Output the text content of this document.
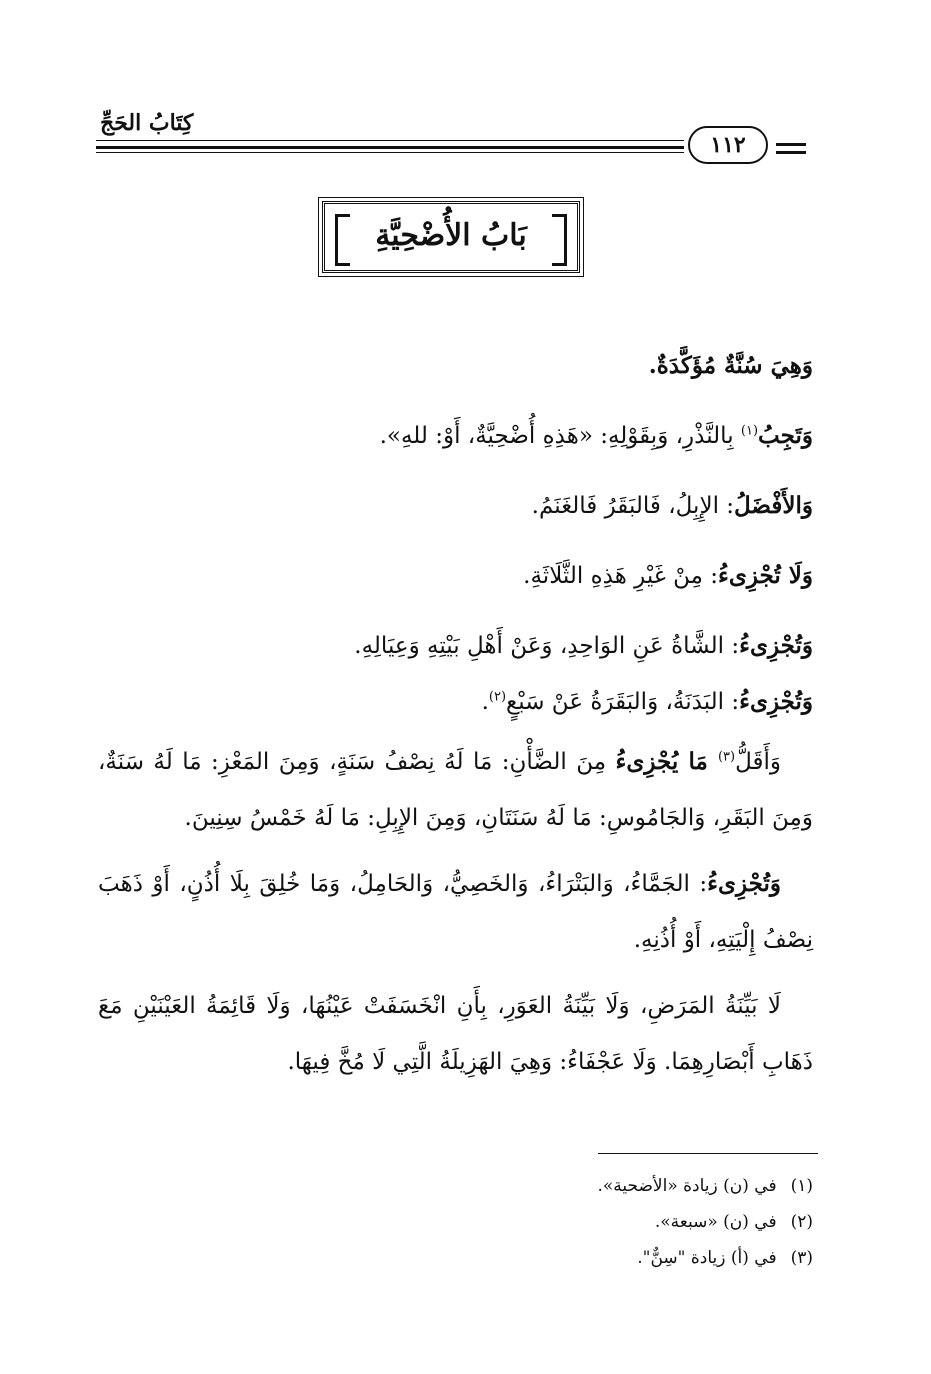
كِتَابُ الحَجِّ
١١٢
بَابُ الأُضْحِيَّةِ
وَهِيَ سُنَّةٌ مُؤَكَّدَةٌ.
وَتَجِبُ$^{(١)}$ بِالنَّذْرِ، وَبِقَوْلِهِ: «هَذِهِ أُضْحِيَّةٌ، أَوْ: للهِ».
وَالأَفْضَلُ: الإِبِلُ، فَالبَقَرُ فَالغَنَمُ.
وَلَا تُجْزِىءُ: مِنْ غَيْرِ هَذِهِ الثَّلَاثَةِ.
وَتُجْزِىءُ: الشَّاةُ عَنِ الوَاحِدِ، وَعَنْ أَهْلِ بَيْتِهِ وَعِيَالِهِ.
وَتُجْزِىءُ: البَدَنَةُ، وَالبَقَرَةُ عَنْ سَبْعٍ$^{(٢)}$.
وَأَقَلُّ$^{(٣)}$ مَا يُجْزِىءُ مِنَ الضَّأْنِ: مَا لَهُ نِصْفُ سَنَةٍ، وَمِنَ المَعْزِ: مَا لَهُ سَنَةٌ، وَمِنَ البَقَرِ، وَالجَامُوسِ: مَا لَهُ سَنَتَانِ، وَمِنَ الإِبِلِ: مَا لَهُ خَمْسُ سِنِينَ.
وَتُجْزِىءُ: الجَمَّاءُ، وَالبَتْرَاءُ، وَالخَصِيُّ، وَالحَامِلُ، وَمَا خُلِقَ بِلَا أُذُنٍ، أَوْ ذَهَبَ نِصْفُ إِلْيَتِهِ، أَوْ أُذُنِهِ.
لَا بَيِّنَةُ المَرَضِ، وَلَا بَيِّنَةُ العَوَرِ، بِأَنِ انْخَسَفَتْ عَيْنُهَا، وَلَا قَائِمَةُ العَيْنَيْنِ مَعَ ذَهَابِ أَبْصَارِهِمَا. وَلَا عَجْفَاءُ: وَهِيَ الهَزِيلَةُ الَّتِي لَا مُخَّ فِيهَا.
(١)في (ن) زيادة «الأضحية».
(٢)في (ن) «سبعة».
(٣)في (أ) زيادة "سِنٌّ".
